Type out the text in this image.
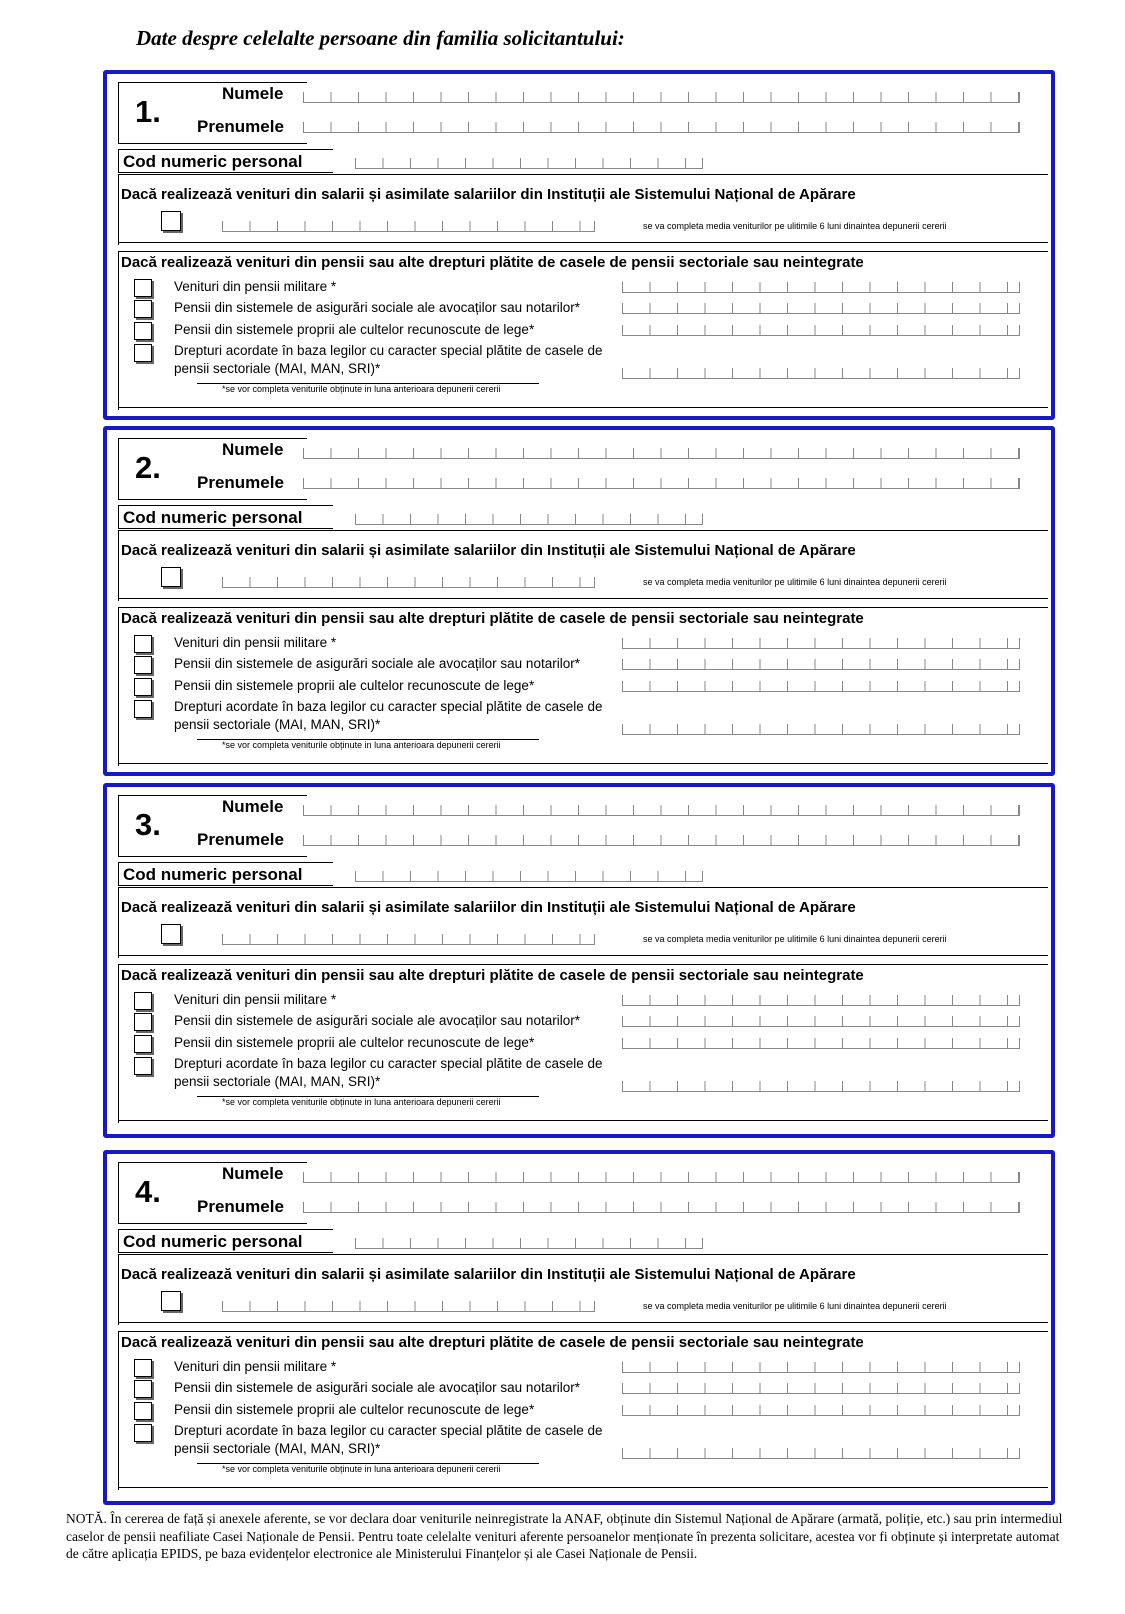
Date despre celelalte persoane din familia solicitantului:
1.
Numele
Prenumele
Cod numeric personal
Dacă realizează venituri din salarii și asimilate salariilor din Instituții ale Sistemului Național de Apărare
se va completa media veniturilor pe ulitimile 6 luni dinaintea depunerii cererii
Dacă realizează venituri din pensii sau alte drepturi plătite de casele de pensii sectoriale sau neintegrate
Venituri din pensii militare *
Pensii din sistemele de asigurări sociale ale avocaților sau notarilor*
Pensii din sistemele proprii ale cultelor recunoscute de lege*
Drepturi acordate în baza legilor cu caracter special plătite de casele de pensii sectoriale (MAI, MAN, SRI)*
*se vor completa veniturile obținute in luna anterioara depunerii cererii
2.
Numele
Prenumele
Cod numeric personal
Dacă realizează venituri din salarii și asimilate salariilor din Instituții ale Sistemului Național de Apărare
se va completa media veniturilor pe ulitimile 6 luni dinaintea depunerii cererii
Dacă realizează venituri din pensii sau alte drepturi plătite de casele de pensii sectoriale sau neintegrate
Venituri din pensii militare *
Pensii din sistemele de asigurări sociale ale avocaților sau notarilor*
Pensii din sistemele proprii ale cultelor recunoscute de lege*
Drepturi acordate în baza legilor cu caracter special plătite de casele de pensii sectoriale (MAI, MAN, SRI)*
*se vor completa veniturile obținute in luna anterioara depunerii cererii
3.
Numele
Prenumele
Cod numeric personal
Dacă realizează venituri din salarii și asimilate salariilor din Instituții ale Sistemului Național de Apărare
se va completa media veniturilor pe ulitimile 6 luni dinaintea depunerii cererii
Dacă realizează venituri din pensii sau alte drepturi plătite de casele de pensii sectoriale sau neintegrate
Venituri din pensii militare *
Pensii din sistemele de asigurări sociale ale avocaților sau notarilor*
Pensii din sistemele proprii ale cultelor recunoscute de lege*
Drepturi acordate în baza legilor cu caracter special plătite de casele de pensii sectoriale (MAI, MAN, SRI)*
*se vor completa veniturile obținute in luna anterioara depunerii cererii
4.
Numele
Prenumele
Cod numeric personal
Dacă realizează venituri din salarii și asimilate salariilor din Instituții ale Sistemului Național de Apărare
se va completa media veniturilor pe ulitimile 6 luni dinaintea depunerii cererii
Dacă realizează venituri din pensii sau alte drepturi plătite de casele de pensii sectoriale sau neintegrate
Venituri din pensii militare *
Pensii din sistemele de asigurări sociale ale avocaților sau notarilor*
Pensii din sistemele proprii ale cultelor recunoscute de lege*
Drepturi acordate în baza legilor cu caracter special plătite de casele de pensii sectoriale (MAI, MAN, SRI)*
*se vor completa veniturile obținute in luna anterioara depunerii cererii
NOTĂ. În cererea de față și anexele aferente, se vor declara doar veniturile neinregistrate la ANAF, obținute din Sistemul Național de Apărare (armată, poliție, etc.) sau prin intermediul caselor de pensii neafiliate Casei Naționale de Pensii. Pentru toate celelalte venituri aferente persoanelor menționate în prezenta solicitare, acestea vor fi obținute și interpretate automat de către aplicația EPIDS, pe baza evidențelor electronice ale Ministerului Finanțelor și ale Casei Naționale de Pensii.
